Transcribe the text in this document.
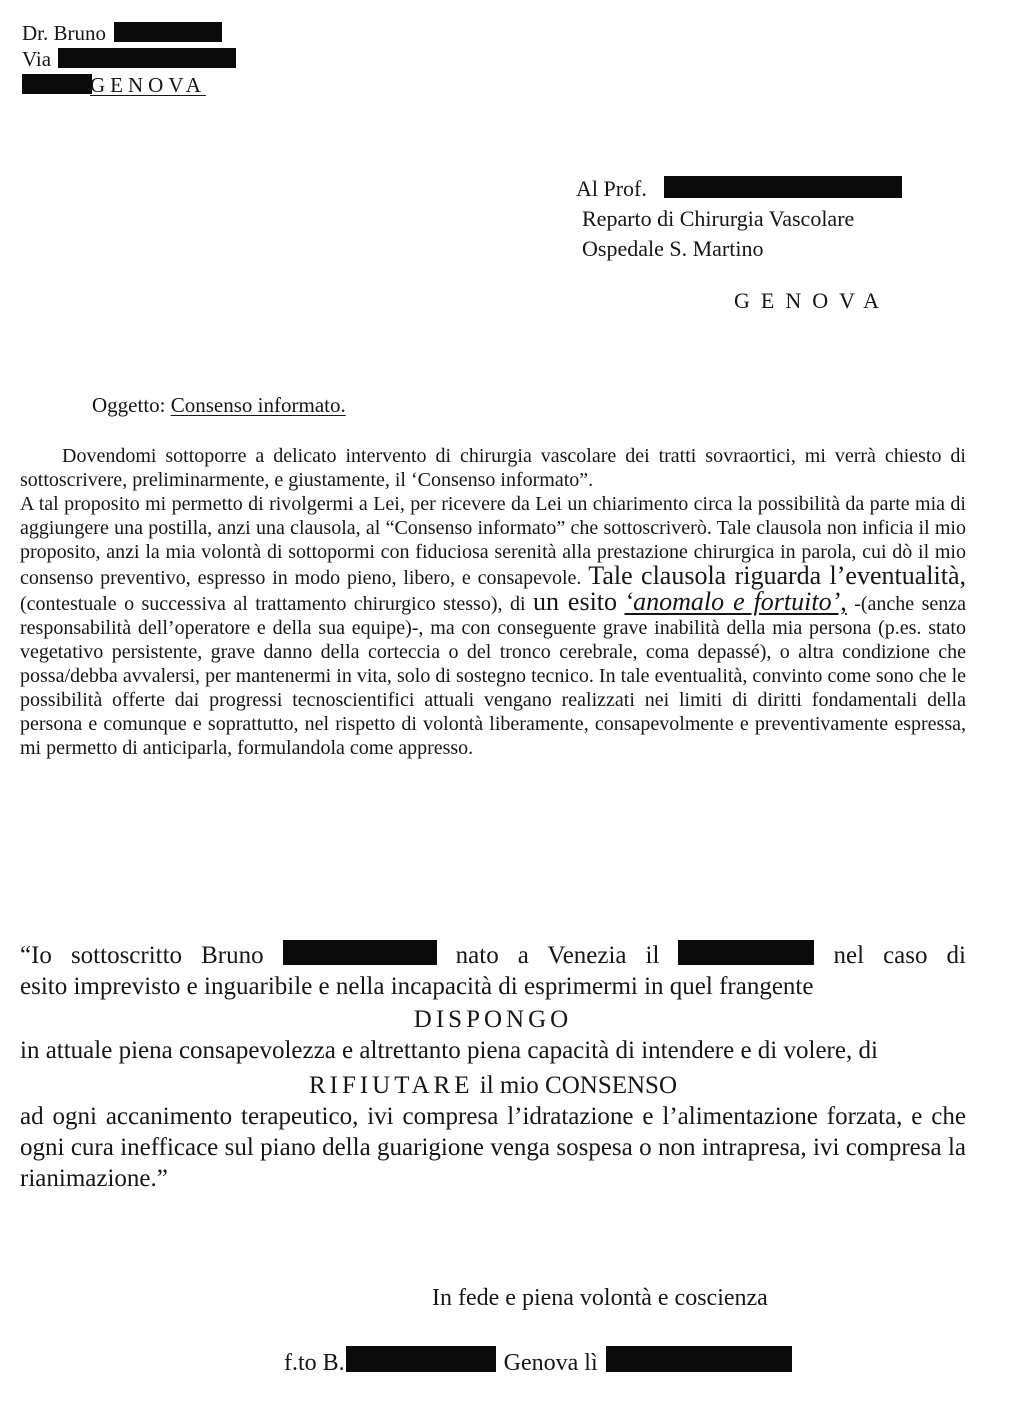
Dr. Bruno
Via
GENOVA
Al Prof.
Reparto di Chirurgia Vascolare
Ospedale S. Martino
GENOVA
Oggetto: Consenso informato.

Dovendomi sottoporre a delicato intervento di chirurgia vascolare dei tratti sovraortici, mi verrà chiesto di sottoscrivere, preliminarmente, e giustamente, il ‘Consenso informato”.

A tal proposito mi permetto di rivolgermi a Lei, per ricevere da Lei un chiarimento circa la possibilità da parte mia di aggiungere una postilla, anzi una clausola, al “Consenso informato” che sottoscriverò. Tale clausola non inficia il mio proposito, anzi la mia volontà di sottopormi con fiduciosa serenità alla prestazione chirurgica in parola, cui dò il mio consenso preventivo, espresso in modo pieno, libero, e consapevole. Tale clausola riguarda l’eventualità, (contestuale o successiva al trattamento chirurgico stesso), di un esito ‘anomalo e fortuito’, -(anche senza responsabilità dell’operatore e della sua equipe)-, ma con conseguente grave inabilità della mia persona (p.es. stato vegetativo persistente, grave danno della corteccia o del tronco cerebrale, coma depassé), o altra condizione che possa/debba avvalersi, per mantenermi in vita, solo di sostegno tecnico. In tale eventualità, convinto come sono che le possibilità offerte dai progressi tecnoscientifici attuali vengano realizzati nei limiti di diritti fondamentali della persona e comunque e soprattutto, nel rispetto di volontà liberamente, consapevolmente e preventivamente espressa, mi permetto di anticiparla, formulandola come appresso.

“Io sottoscritto Bruno	nato a Venezia il	nel caso di
esito imprevisto e inguaribile e nella incapacità di esprimermi in quel frangente
DISPONGO
in attuale piena consapevolezza e altrettanto piena capacità di intendere e di volere, di
RIFIUTARE il mio CONSENSO
ad ogni accanimento terapeutico, ivi compresa l’idratazione e l’alimentazione forzata, e che ogni cura inefficace sul piano della guarigione venga sospesa o non intrapresa, ivi compresa la rianimazione.”
In fede e piena volontà e coscienza
f.to B.	Genova lì
